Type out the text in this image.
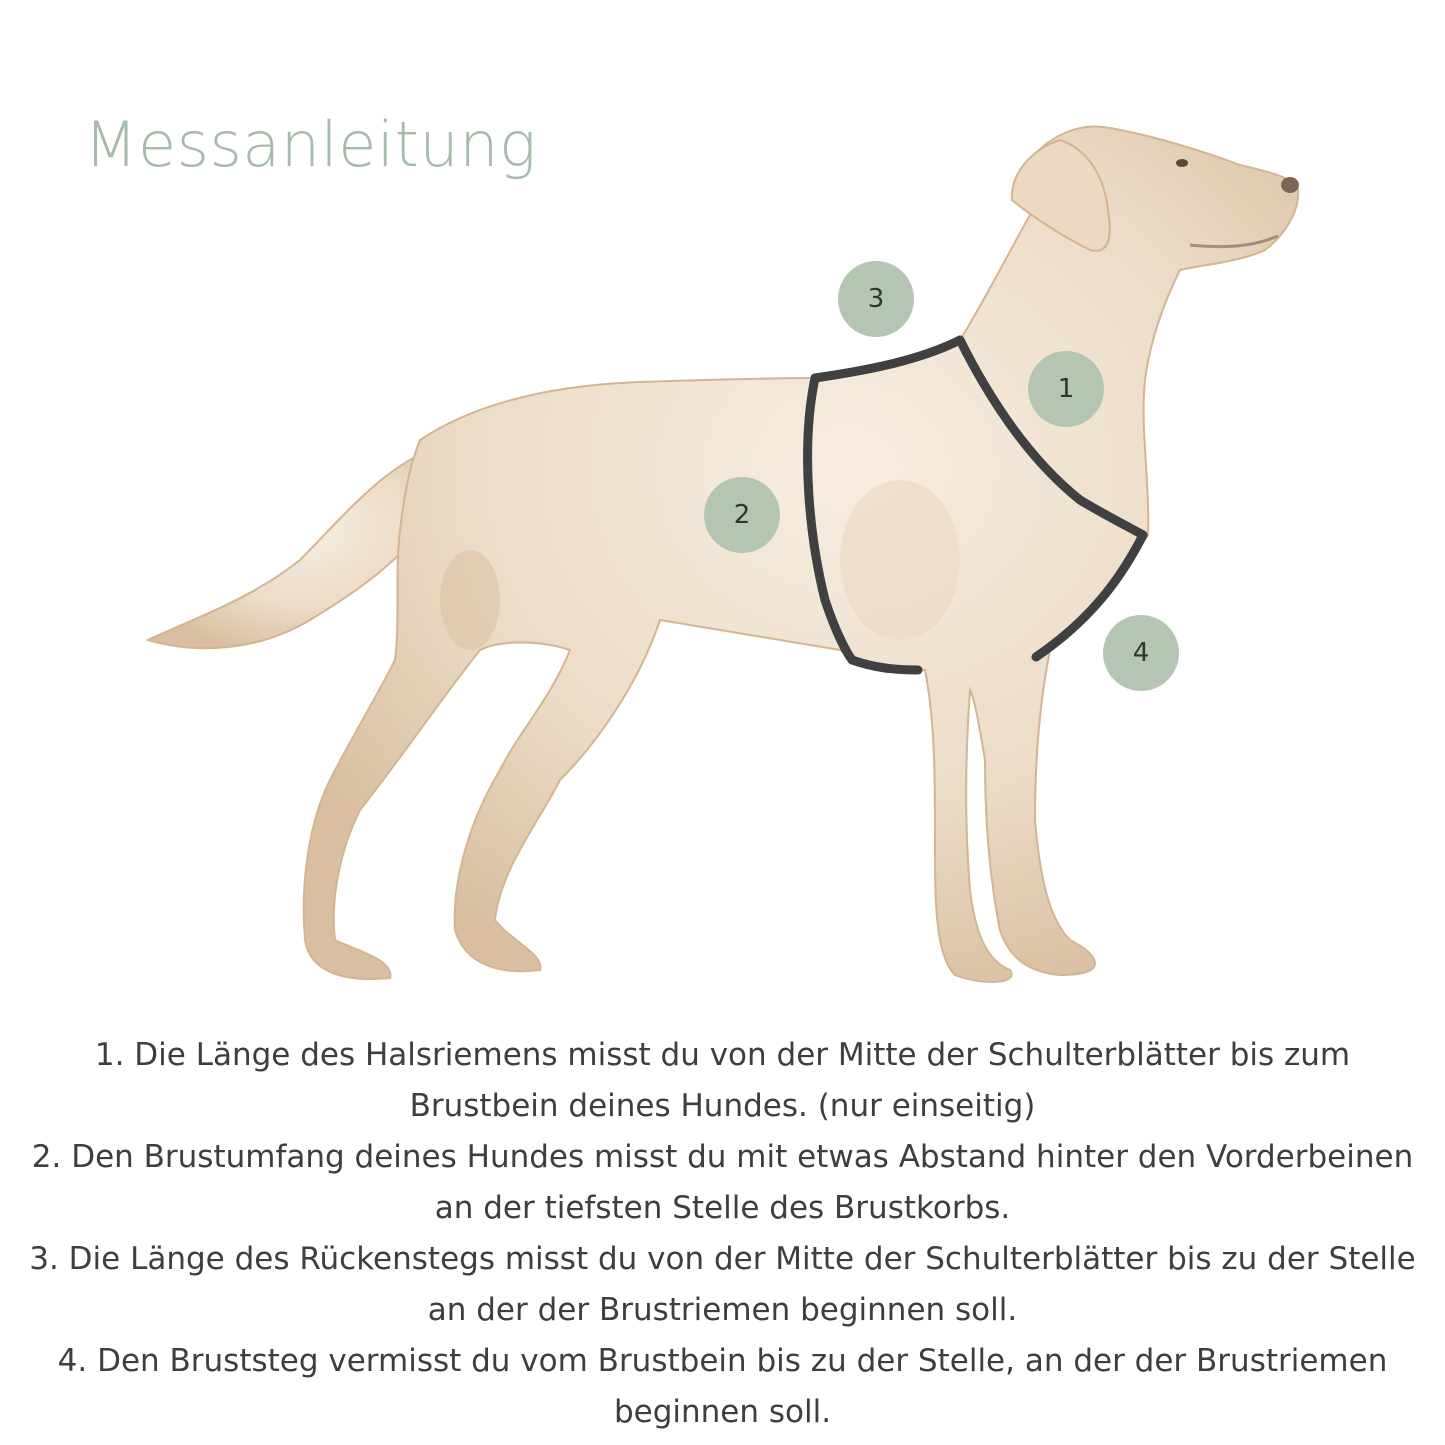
Messanleitung
1
2
3
4

1. Die Länge des Halsriemens misst du von der Mitte der Schulterblätter bis zum Brustbein deines Hundes. (nur einseitig)

2. Den Brustumfang deines Hundes misst du mit etwas Abstand hinter den Vorderbeinen an der tiefsten Stelle des Brustkorbs.

3. Die Länge des Rückenstegs misst du von der Mitte der Schulterblätter bis zu der Stelle an der der Brustriemen beginnen soll.

4. Den Bruststeg vermisst du vom Brustbein bis zu der Stelle, an der der Brustriemen beginnen soll.
